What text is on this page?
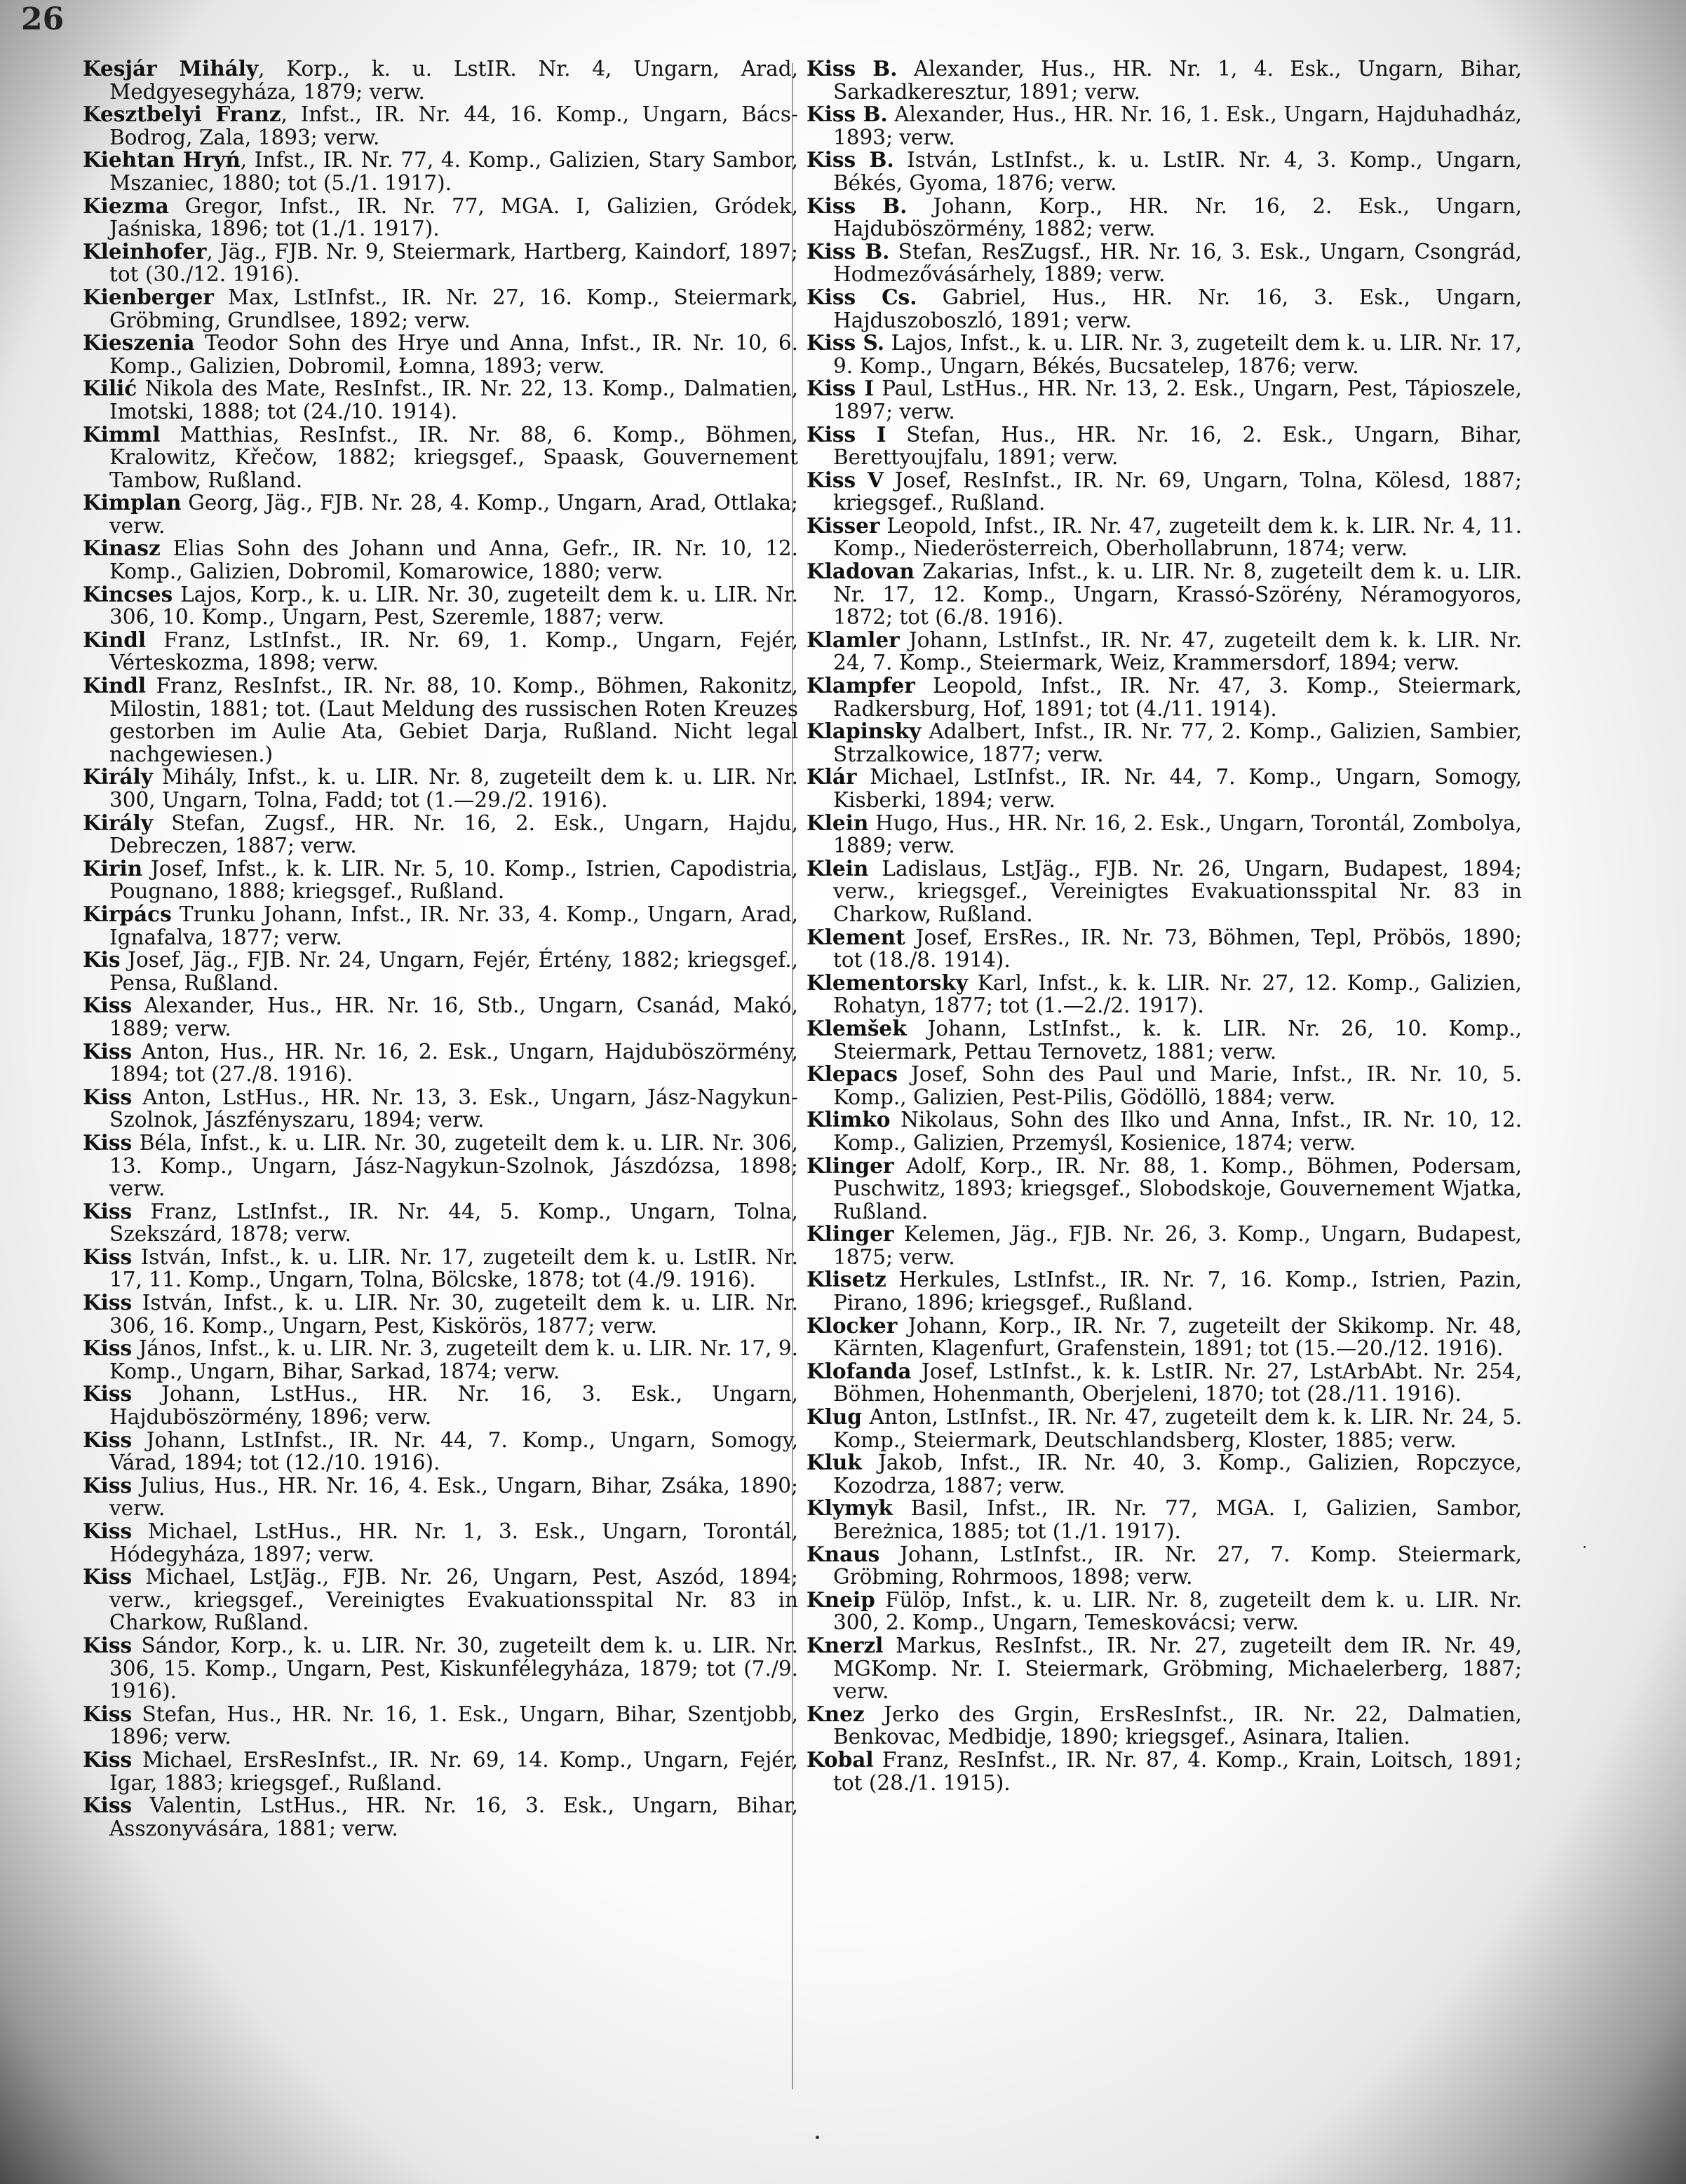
26

Kesjár Mihály, Korp., k. u. LstIR. Nr. 4, Ungarn, Arad, Medgyesegyháza, 1879; verw.

Kesztbelyi Franz, Infst., IR. Nr. 44, 16. Komp., Ungarn, Bács-Bodrog, Zala, 1893; verw.

Kiehtan Hryń, Infst., IR. Nr. 77, 4. Komp., Galizien, Stary Sambor, Mszaniec, 1880; tot (5./1. 1917).

Kiezma Gregor, Infst., IR. Nr. 77, MGA. I, Galizien, Gródek, Jaśniska, 1896; tot (1./1. 1917).

Kleinhofer, Jäg., FJB. Nr. 9, Steiermark, Hartberg, Kaindorf, 1897; tot (30./12. 1916).

Kienberger Max, LstInfst., IR. Nr. 27, 16. Komp., Steiermark, Gröbming, Grundlsee, 1892; verw.

Kieszenia Teodor Sohn des Hrye und Anna, Infst., IR. Nr. 10, 6. Komp., Galizien, Dobromil, Łomna, 1893; verw.

Kilić Nikola des Mate, ResInfst., IR. Nr. 22, 13. Komp., Dalmatien, Imotski, 1888; tot (24./10. 1914).

Kimml Matthias, ResInfst., IR. Nr. 88, 6. Komp., Böhmen, Kralowitz, Křečow, 1882; kriegsgef., Spaask, Gouvernement Tambow, Rußland.

Kimplan Georg, Jäg., FJB. Nr. 28, 4. Komp., Ungarn, Arad, Ottlaka; verw.

Kinasz Elias Sohn des Johann und Anna, Gefr., IR. Nr. 10, 12. Komp., Galizien, Dobromil, Komarowice, 1880; verw.

Kincses Lajos, Korp., k. u. LIR. Nr. 30, zugeteilt dem k. u. LIR. Nr. 306, 10. Komp., Ungarn, Pest, Szeremle, 1887; verw.

Kindl Franz, LstInfst., IR. Nr. 69, 1. Komp., Ungarn, Fejér, Vérteskozma, 1898; verw.

Kindl Franz, ResInfst., IR. Nr. 88, 10. Komp., Böhmen, Rakonitz, Milostin, 1881; tot. (Laut Meldung des russischen Roten Kreuzes gestorben im Aulie Ata, Gebiet Darja, Rußland. Nicht legal nachgewiesen.)

Király Mihály, Infst., k. u. LIR. Nr. 8, zugeteilt dem k. u. LIR. Nr. 300, Ungarn, Tolna, Fadd; tot (1.—29./2. 1916).

Király Stefan, Zugsf., HR. Nr. 16, 2. Esk., Ungarn, Hajdu, Debreczen, 1887; verw.

Kirin Josef, Infst., k. k. LIR. Nr. 5, 10. Komp., Istrien, Capodistria, Pougnano, 1888; kriegsgef., Rußland.

Kirpács Trunku Johann, Infst., IR. Nr. 33, 4. Komp., Ungarn, Arad, Ignafalva, 1877; verw.

Kis Josef, Jäg., FJB. Nr. 24, Ungarn, Fejér, Értény, 1882; kriegsgef., Pensa, Rußland.

Kiss Alexander, Hus., HR. Nr. 16, Stb., Ungarn, Csanád, Makó, 1889; verw.

Kiss Anton, Hus., HR. Nr. 16, 2. Esk., Ungarn, Hajduböszörmény, 1894; tot (27./8. 1916).

Kiss Anton, LstHus., HR. Nr. 13, 3. Esk., Ungarn, Jász-Nagykun-Szolnok, Jászfényszaru, 1894; verw.

Kiss Béla, Infst., k. u. LIR. Nr. 30, zugeteilt dem k. u. LIR. Nr. 306, 13. Komp., Ungarn, Jász-Nagykun-Szolnok, Jászdózsa, 1898; verw.

Kiss Franz, LstInfst., IR. Nr. 44, 5. Komp., Ungarn, Tolna, Szekszárd, 1878; verw.

Kiss István, Infst., k. u. LIR. Nr. 17, zugeteilt dem k. u. LstIR. Nr. 17, 11. Komp., Ungarn, Tolna, Bölcske, 1878; tot (4./9. 1916).

Kiss István, Infst., k. u. LIR. Nr. 30, zugeteilt dem k. u. LIR. Nr. 306, 16. Komp., Ungarn, Pest, Kiskörös, 1877; verw.

Kiss János, Infst., k. u. LIR. Nr. 3, zugeteilt dem k. u. LIR. Nr. 17, 9. Komp., Ungarn, Bihar, Sarkad, 1874; verw.

Kiss Johann, LstHus., HR. Nr. 16, 3. Esk., Ungarn, Hajduböszörmény, 1896; verw.

Kiss Johann, LstInfst., IR. Nr. 44, 7. Komp., Ungarn, Somogy, Várad, 1894; tot (12./10. 1916).

Kiss Julius, Hus., HR. Nr. 16, 4. Esk., Ungarn, Bihar, Zsáka, 1890; verw.

Kiss Michael, LstHus., HR. Nr. 1, 3. Esk., Ungarn, Torontál, Hódegyháza, 1897; verw.

Kiss Michael, LstJäg., FJB. Nr. 26, Ungarn, Pest, Aszód, 1894; verw., kriegsgef., Vereinigtes Evakuationsspital Nr. 83 in Charkow, Rußland.

Kiss Sándor, Korp., k. u. LIR. Nr. 30, zugeteilt dem k. u. LIR. Nr. 306, 15. Komp., Ungarn, Pest, Kiskunfélegyháza, 1879; tot (7./9. 1916).

Kiss Stefan, Hus., HR. Nr. 16, 1. Esk., Ungarn, Bihar, Szentjobb, 1896; verw.

Kiss Michael, ErsResInfst., IR. Nr. 69, 14. Komp., Ungarn, Fejér, Igar, 1883; kriegsgef., Rußland.

Kiss Valentin, LstHus., HR. Nr. 16, 3. Esk., Ungarn, Bihar, Asszonyvására, 1881; verw.

Kiss B. Alexander, Hus., HR. Nr. 1, 4. Esk., Ungarn, Bihar, Sarkadkeresztur, 1891; verw.

Kiss B. Alexander, Hus., HR. Nr. 16, 1. Esk., Ungarn, Hajduhadház, 1893; verw.

Kiss B. István, LstInfst., k. u. LstIR. Nr. 4, 3. Komp., Ungarn, Békés, Gyoma, 1876; verw.

Kiss B. Johann, Korp., HR. Nr. 16, 2. Esk., Ungarn, Hajduböszörmény, 1882; verw.

Kiss B. Stefan, ResZugsf., HR. Nr. 16, 3. Esk., Ungarn, Csongrád, Hodmezővásárhely, 1889; verw.

Kiss Cs. Gabriel, Hus., HR. Nr. 16, 3. Esk., Ungarn, Hajduszoboszló, 1891; verw.

Kiss S. Lajos, Infst., k. u. LIR. Nr. 3, zugeteilt dem k. u. LIR. Nr. 17, 9. Komp., Ungarn, Békés, Bucsatelep, 1876; verw.

Kiss I Paul, LstHus., HR. Nr. 13, 2. Esk., Ungarn, Pest, Tápioszele, 1897; verw.

Kiss I Stefan, Hus., HR. Nr. 16, 2. Esk., Ungarn, Bihar, Berettyoujfalu, 1891; verw.

Kiss V Josef, ResInfst., IR. Nr. 69, Ungarn, Tolna, Kölesd, 1887; kriegsgef., Rußland.

Kisser Leopold, Infst., IR. Nr. 47, zugeteilt dem k. k. LIR. Nr. 4, 11. Komp., Niederösterreich, Oberhollabrunn, 1874; verw.

Kladovan Zakarias, Infst., k. u. LIR. Nr. 8, zugeteilt dem k. u. LIR. Nr. 17, 12. Komp., Ungarn, Krassó-Szörény, Néramogyoros, 1872; tot (6./8. 1916).

Klamler Johann, LstInfst., IR. Nr. 47, zugeteilt dem k. k. LIR. Nr. 24, 7. Komp., Steiermark, Weiz, Krammersdorf, 1894; verw.

Klampfer Leopold, Infst., IR. Nr. 47, 3. Komp., Steiermark, Radkersburg, Hof, 1891; tot (4./11. 1914).

Klapinsky Adalbert, Infst., IR. Nr. 77, 2. Komp., Galizien, Sambier, Strzalkowice, 1877; verw.

Klár Michael, LstInfst., IR. Nr. 44, 7. Komp., Ungarn, Somogy, Kisberki, 1894; verw.

Klein Hugo, Hus., HR. Nr. 16, 2. Esk., Ungarn, Torontál, Zombolya, 1889; verw.

Klein Ladislaus, LstJäg., FJB. Nr. 26, Ungarn, Budapest, 1894; verw., kriegsgef., Vereinigtes Evakuationsspital Nr. 83 in Charkow, Rußland.

Klement Josef, ErsRes., IR. Nr. 73, Böhmen, Tepl, Pröbös, 1890; tot (18./8. 1914).

Klementorsky Karl, Infst., k. k. LIR. Nr. 27, 12. Komp., Galizien, Rohatyn, 1877; tot (1.—2./2. 1917).

Klemšek Johann, LstInfst., k. k. LIR. Nr. 26, 10. Komp., Steiermark, Pettau Ternovetz, 1881; verw.

Klepacs Josef, Sohn des Paul und Marie, Infst., IR. Nr. 10, 5. Komp., Galizien, Pest-Pilis, Gödöllö, 1884; verw.

Klimko Nikolaus, Sohn des Ilko und Anna, Infst., IR. Nr. 10, 12. Komp., Galizien, Przemyśl, Kosienice, 1874; verw.

Klinger Adolf, Korp., IR. Nr. 88, 1. Komp., Böhmen, Podersam, Puschwitz, 1893; kriegsgef., Slobodskoje, Gouvernement Wjatka, Rußland.

Klinger Kelemen, Jäg., FJB. Nr. 26, 3. Komp., Ungarn, Budapest, 1875; verw.

Klisetz Herkules, LstInfst., IR. Nr. 7, 16. Komp., Istrien, Pazin, Pirano, 1896; kriegsgef., Rußland.

Klocker Johann, Korp., IR. Nr. 7, zugeteilt der Skikomp. Nr. 48, Kärnten, Klagenfurt, Grafenstein, 1891; tot (15.—20./12. 1916).

Klofanda Josef, LstInfst., k. k. LstIR. Nr. 27, LstArbAbt. Nr. 254, Böhmen, Hohenmanth, Oberjeleni, 1870; tot (28./11. 1916).

Klug Anton, LstInfst., IR. Nr. 47, zugeteilt dem k. k. LIR. Nr. 24, 5. Komp., Steiermark, Deutschlandsberg, Kloster, 1885; verw.

Kluk Jakob, Infst., IR. Nr. 40, 3. Komp., Galizien, Ropczyce, Kozodrza, 1887; verw.

Klymyk Basil, Infst., IR. Nr. 77, MGA. I, Galizien, Sambor, Bereżnica, 1885; tot (1./1. 1917).

Knaus Johann, LstInfst., IR. Nr. 27, 7. Komp. Steiermark, Gröbming, Rohrmoos, 1898; verw.

Kneip Fülöp, Infst., k. u. LIR. Nr. 8, zugeteilt dem k. u. LIR. Nr. 300, 2. Komp., Ungarn, Temeskovácsi; verw.

Knerzl Markus, ResInfst., IR. Nr. 27, zugeteilt dem IR. Nr. 49, MGKomp. Nr. I. Steiermark, Gröbming, Michaelerberg, 1887; verw.

Knez Jerko des Grgin, ErsResInfst., IR. Nr. 22, Dalmatien, Benkovac, Medbidje, 1890; kriegsgef., Asinara, Italien.

Kobal Franz, ResInfst., IR. Nr. 87, 4. Komp., Krain, Loitsch, 1891; tot (28./1. 1915).
